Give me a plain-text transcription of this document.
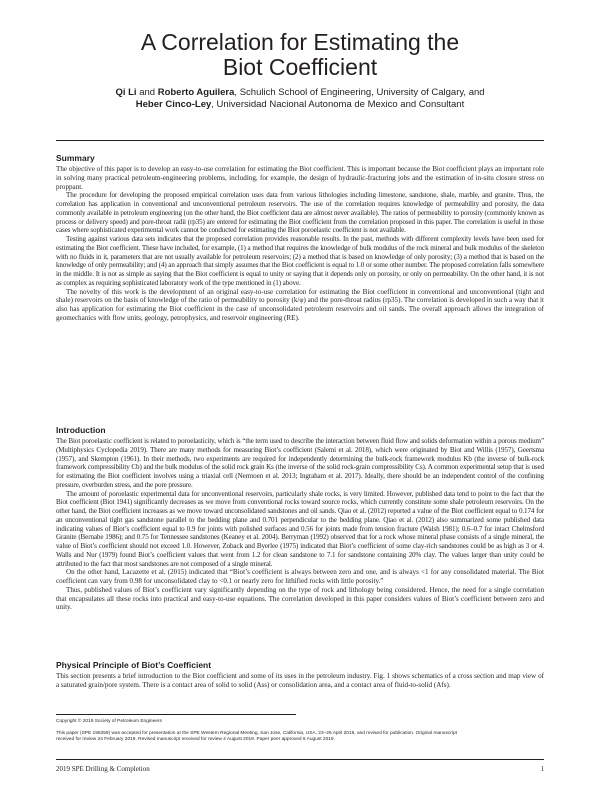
A Correlation for Estimating the
Biot Coefficient
Qi Li and Roberto Aguilera, Schulich School of Engineering, University of Calgary, and
Heber Cinco-Ley, Universidad Nacional Autonoma de Mexico and Consultant
Summary

The objective of this paper is to develop an easy-to-use correlation for estimating the Biot coefficient. This is important because the Biot coefficient plays an important role in solving many practical petroleum-engineering problems, including, for example, the design of hydraulic-fracturing jobs and the estimation of in-situ closure stress on proppant.

The procedure for developing the proposed empirical correlation uses data from various lithologies including limestone, sandstone, shale, marble, and granite. Thus, the correlation has application in conventional and unconventional petroleum reservoirs. The use of the correlation requires knowledge of permeability and porosity, the data commonly available in petroleum engineering (on the other hand, the Biot coefficient data are almost never available). The ratios of permeability to porosity (commonly known as process or delivery speed) and pore-throat radii (rp35) are entered for estimating the Biot coefficient from the correlation proposed in this paper. The correlation is useful in those cases where sophisticated experimental work cannot be conducted for estimating the Biot poroelastic coefficient is not available.

Testing against various data sets indicates that the proposed correlation provides reasonable results. In the past, methods with different complexity levels have been used for estimating the Biot coefficient. These have included, for example, (1) a method that requires the knowledge of bulk modulus of the rock mineral and bulk modulus of the skeleton with no fluids in it, parameters that are not usually available for petroleum reservoirs; (2) a method that is based on knowledge of only porosity; (3) a method that is based on the knowledge of only permeability; and (4) an approach that simply assumes that the Biot coefficient is equal to 1.0 or some other number. The proposed correlation falls somewhere in the middle. It is not as simple as saying that the Biot coefficient is equal to unity or saying that it depends only on porosity, or only on permeability. On the other hand, it is not as complex as requiring sophisticated laboratory work of the type mentioned in (1) above.

The novelty of this work is the development of an original easy-to-use correlation for estimating the Biot coefficient in conventional and unconventional (tight and shale) reservoirs on the basis of knowledge of the ratio of permeability to porosity (k/φ) and the pore-throat radius (rp35). The correlation is developed in such a way that it also has application for estimating the Biot coefficient in the case of unconsolidated petroleum reservoirs and oil sands. The overall approach allows the integration of geomechanics with flow units, geology, petrophysics, and reservoir engineering (RE).

Introduction

The Biot poroelastic coefficient is related to poroelasticity, which is “the term used to describe the interaction between fluid flow and solids deformation within a porous medium” (Multiphysics Cyclopedia 2019). There are many methods for measuring Biot’s coefficient (Salemi et al. 2018), which were originated by Biot and Willis (1957), Geertsma (1957), and Skempton (1961). In their methods, two experiments are required for independently determining the bulk-rock framework modulus Kb (the inverse of bulk-rock framework compressibility Cb) and the bulk modulus of the solid rock grain Ks (the inverse of the solid rock-grain compressibility Cs). A common experimental setup that is used for estimating the Biot coefficient involves using a triaxial cell (Nermoen et al. 2013; Ingraham et al. 2017). Ideally, there should be an independent control of the confining pressure, overburden stress, and the pore pressure.

The amount of poroelastic experimental data for unconventional reservoirs, particularly shale rocks, is very limited. However, published data tend to point to the fact that the Biot coefficient (Biot 1941) significantly decreases as we move from conventional rocks toward source rocks, which currently constitute some shale petroleum reservoirs. On the other hand, the Biot coefficient increases as we move toward unconsolidated sandstones and oil sands. Qiao et al. (2012) reported a value of the Biot coefficient equal to 0.174 for an unconventional tight gas sandstone parallel to the bedding plane and 0.701 perpendicular to the bedding plane. Qiao et al. (2012) also summarized some published data indicating values of Biot’s coefficient equal to 0.9 for joints with polished surfaces and 0.56 for joints made from tension fracture (Walsh 1981); 0.6–0.7 for intact Chelmsford Granite (Bernabe 1986); and 0.75 for Tennessee sandstones (Keaney et al. 2004). Berryman (1992) observed that for a rock whose mineral phase consists of a single mineral, the value of Biot’s coefficient should not exceed 1.0. However, Zoback and Byerlee (1975) indicated that Biot’s coefficient of some clay-rich sandstones could be as high as 3 or 4. Walls and Nur (1979) found Biot’s coefficient values that went from 1.2 for clean sandstone to 7.1 for sandstone containing 20% clay. The values larger than unity could be attributed to the fact that most sandstones are not composed of a single mineral.

On the other hand, Lacazette et al. (2015) indicated that “Biot’s coefficient is always between zero and one, and is always <1 for any consolidated material. The Biot coefficient can vary from 0.98 for unconsolidated clay to <0.1 or nearly zero for lithified rocks with little porosity.”

Thus, published values of Biot’s coefficient vary significantly depending on the type of rock and lithology being considered. Hence, the need for a single correlation that encapsulates all these rocks into practical and easy-to-use equations. The correlation developed in this paper considers values of Biot’s coefficient between zero and unity.

Physical Principle of Biot’s Coefficient

This section presents a brief introduction to the Biot coefficient and some of its uses in the petroleum industry. Fig. 1 shows schematics of a cross section and map view of a saturated grain/pore system. There is a contact area of solid to solid (Ass) or consolidation area, and a contact area of fluid-to-solid (Afs).

Copyright © 2019 Society of Petroleum Engineers
This paper (SPE 195359) was accepted for presentation at the SPE Western Regional Meeting, San Jose, California, USA, 23–26 April 2019, and revised for publication. Original manuscript
received for review 24 February 2019. Revised manuscript received for review 4 August 2019. Paper peer approved 6 August 2019.
2019 SPE Drilling & Completion	1
